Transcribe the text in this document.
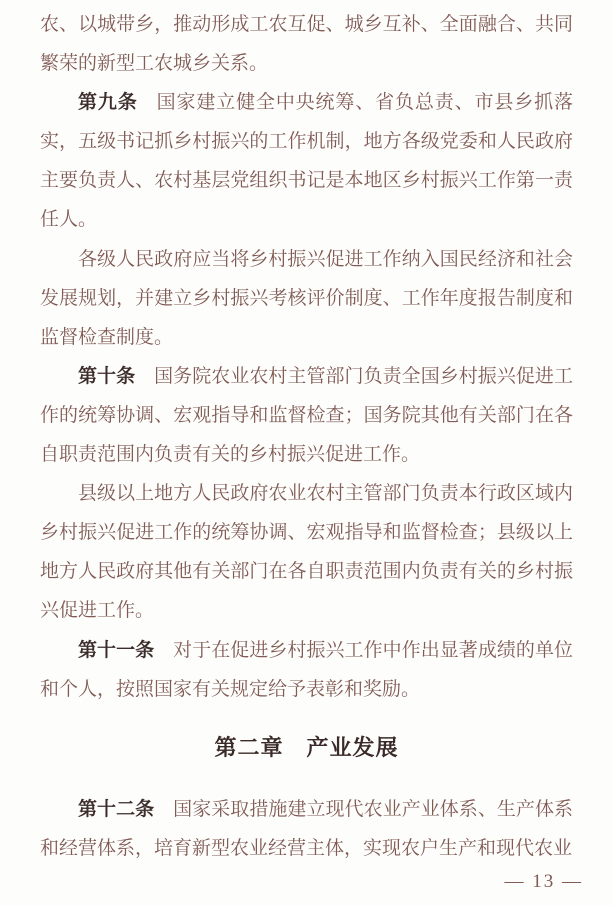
农、以城带乡，推动形成工农互促、城乡互补、全面融合、共同繁荣的新型工农城乡关系。

第九条 国家建立健全中央统筹、省负总责、市县乡抓落实，五级书记抓乡村振兴的工作机制，地方各级党委和人民政府主要负责人、农村基层党组织书记是本地区乡村振兴工作第一责任人。

各级人民政府应当将乡村振兴促进工作纳入国民经济和社会发展规划，并建立乡村振兴考核评价制度、工作年度报告制度和监督检查制度。

第十条 国务院农业农村主管部门负责全国乡村振兴促进工作的统筹协调、宏观指导和监督检查；国务院其他有关部门在各自职责范围内负责有关的乡村振兴促进工作。

县级以上地方人民政府农业农村主管部门负责本行政区域内乡村振兴促进工作的统筹协调、宏观指导和监督检查；县级以上地方人民政府其他有关部门在各自职责范围内负责有关的乡村振兴促进工作。

第十一条 对于在促进乡村振兴工作中作出显著成绩的单位和个人，按照国家有关规定给予表彰和奖励。

第二章　产业发展

第十二条 国家采取措施建立现代农业产业体系、生产体系和经营体系，培育新型农业经营主体，实现农户生产和现代农业

— 13 —
